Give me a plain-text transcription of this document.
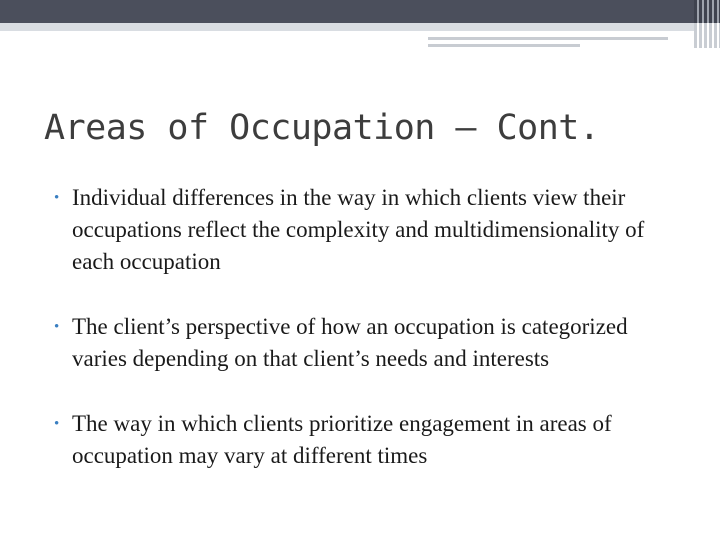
Areas of Occupation – Cont.
• Individual differences in the way in which clients view their occupations reflect the complexity and multidimensionality of each occupation
• The client’s perspective of how an occupation is categorized varies depending on that client’s needs and interests
• The way in which clients prioritize engagement in areas of occupation may vary at different times
